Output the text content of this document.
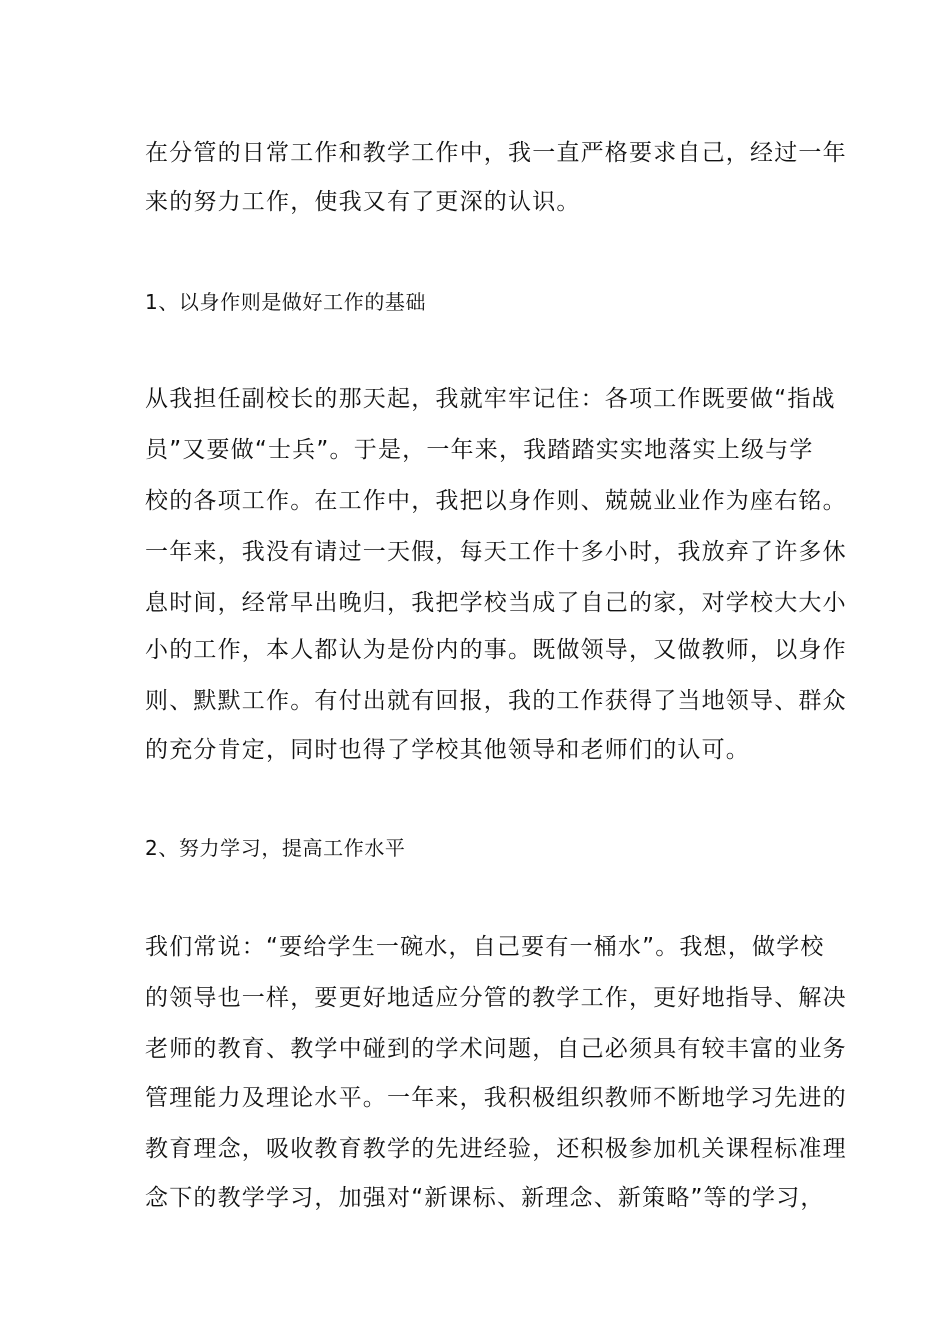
在分管的日常工作和教学工作中，我一直严格要求自己，经过一年

来的努力工作，使我又有了更深的认识。

1、以身作则是做好工作的基础

从我担任副校长的那天起，我就牢牢记住：各项工作既要做“指战

员”又要做“士兵”。于是，一年来，我踏踏实实地落实上级与学

校的各项工作。在工作中，我把以身作则、兢兢业业作为座右铭。

一年来，我没有请过一天假，每天工作十多小时，我放弃了许多休

息时间，经常早出晚归，我把学校当成了自己的家，对学校大大小

小的工作，本人都认为是份内的事。既做领导，又做教师，以身作

则、默默工作。有付出就有回报，我的工作获得了当地领导、群众

的充分肯定，同时也得了学校其他领导和老师们的认可。

2、努力学习，提高工作水平

我们常说：“要给学生一碗水，自己要有一桶水”。我想，做学校

的领导也一样，要更好地适应分管的教学工作，更好地指导、解决

老师的教育、教学中碰到的学术问题，自己必须具有较丰富的业务

管理能力及理论水平。一年来，我积极组织教师不断地学习先进的

教育理念，吸收教育教学的先进经验，还积极参加机关课程标准理

念下的教学学习，加强对“新课标、新理念、新策略”等的学习，
